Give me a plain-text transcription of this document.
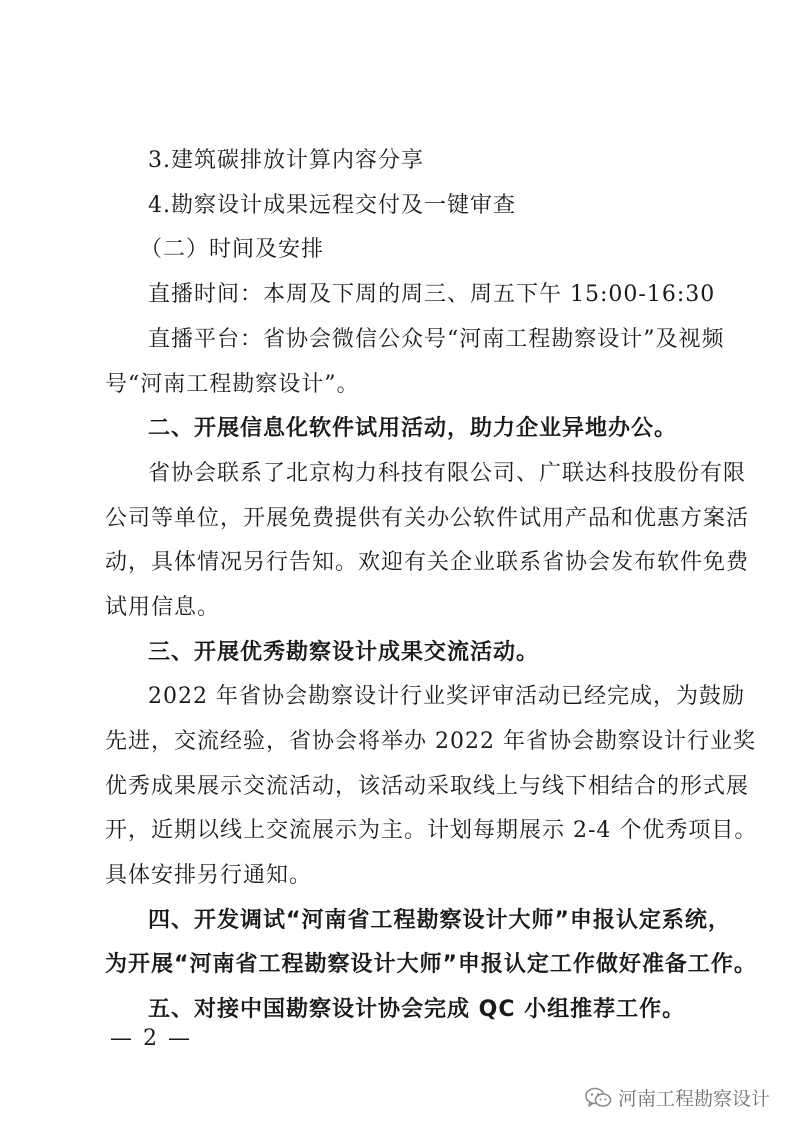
3.建筑碳排放计算内容分享
4.勘察设计成果远程交付及一键审查
（二）时间及安排
直播时间：本周及下周的周三、周五下午 15:00-16:30
直播平台：省协会微信公众号“河南工程勘察设计”及视频
号“河南工程勘察设计”。
二、开展信息化软件试用活动，助力企业异地办公。
省协会联系了北京构力科技有限公司、广联达科技股份有限
公司等单位，开展免费提供有关办公软件试用产品和优惠方案活
动，具体情况另行告知。欢迎有关企业联系省协会发布软件免费
试用信息。
三、开展优秀勘察设计成果交流活动。
2022 年省协会勘察设计行业奖评审活动已经完成，为鼓励
先进，交流经验，省协会将举办 2022 年省协会勘察设计行业奖
优秀成果展示交流活动，该活动采取线上与线下相结合的形式展
开，近期以线上交流展示为主。计划每期展示 2-4 个优秀项目。
具体安排另行通知。
四、开发调试“河南省工程勘察设计大师”申报认定系统，
为开展“河南省工程勘察设计大师”申报认定工作做好准备工作。
五、对接中国勘察设计协会完成 QC 小组推荐工作。
— 2 —
河南工程勘察设计
